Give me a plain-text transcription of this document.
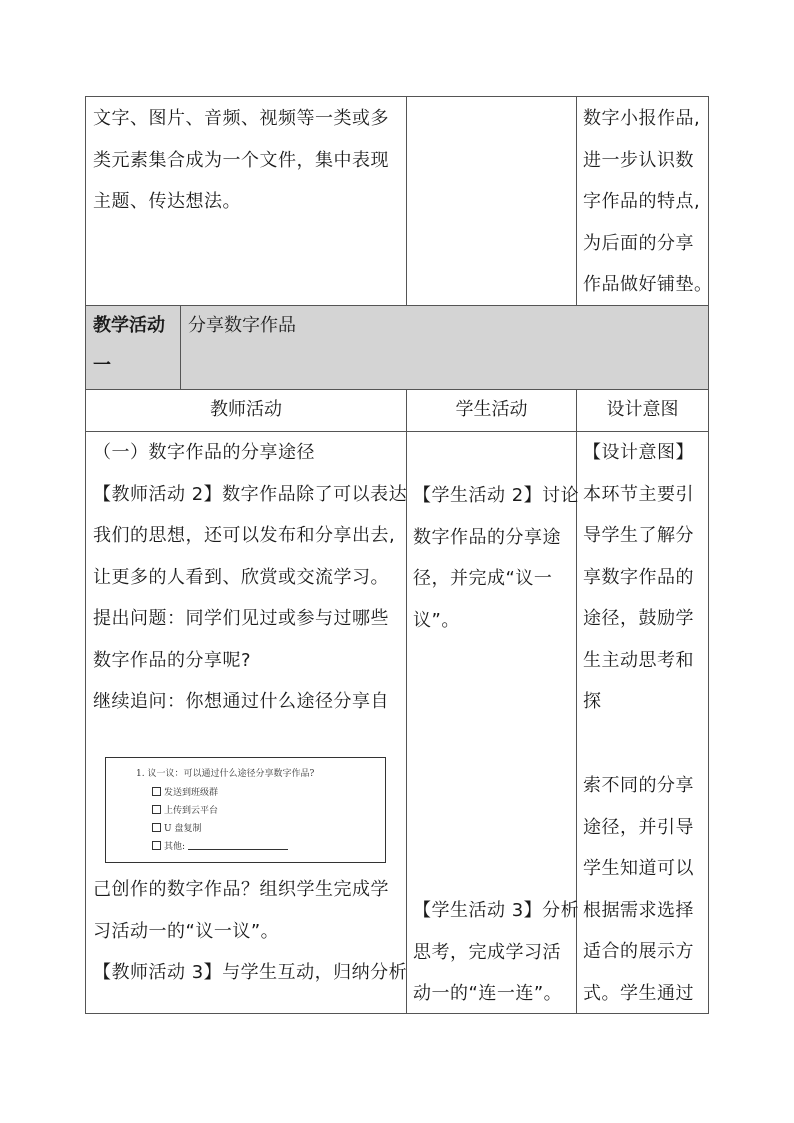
文字、图片、音频、视频等一类或多

类元素集合成为一个文件，集中表现

主题、传达想法。

数字小报作品,

进一步认识数

字作品的特点,

为后面的分享

作品做好铺垫。

教学活动
一
分享数字作品
教师活动	学生活动	设计意图

（一）数字作品的分享途径

【教师活动 2】数字作品除了可以表达

我们的思想，还可以发布和分享出去,

让更多的人看到、欣赏或交流学习。

提出问题：同学们见过或参与过哪些

数字作品的分享呢?

继续追问：你想通过什么途径分享自

1. 议一议：可以通过什么途径分享数字作品?
发送到班级群
上传到云平台
U 盘复制
其他:

己创作的数字作品？组织学生完成学

习活动一的“议一议”。

【教师活动 3】与学生互动，归纳分析

【学生活动 2】讨论

数字作品的分享途

径，并完成“议一

议”。

【学生活动 3】分析

思考，完成学习活

动一的“连一连”。

【设计意图】

本环节主要引

导学生了解分

享数字作品的

途径，鼓励学

生主动思考和

探

索不同的分享

途径，并引导

学生知道可以

根据需求选择

适合的展示方

式。学生通过
